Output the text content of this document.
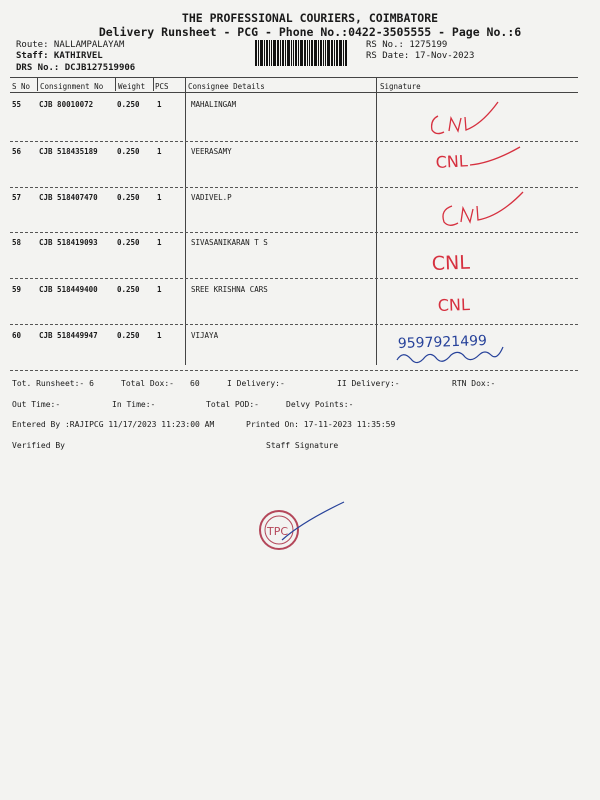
THE PROFESSIONAL COURIERS, COIMBATORE
Delivery Runsheet - PCG - Phone No.:0422-3505555 - Page No.:6
Route: NALLAMPALAYAM
Staff: KATHIRVEL
DRS No.: DCJB127519906
RS No.: 1275199
RS Date: 17-Nov-2023
S No Consignment No Weight PCS	Consignee Details	Signature
55 CJB 80010072	0.250 1	MAHALINGAM
56 CJB 518435189	0.250 1	VEERASAMY
57 CJB 518407470	0.250 1	VADIVEL.P
58 CJB 518419093	0.250 1	SIVASANIKARAN T S
59 CJB 518449400	0.250 1	SREE KRISHNA CARS
60 CJB 518449947	0.250 1	VIJAYA
Tot. Runsheet:- 6	Total Dox:- 60	I Delivery:-	II Delivery:-	RTN Dox:-
Out Time:-	In Time:-	Total POD:-	Delvy Points:-
Entered By :RAJIPCG 11/17/2023 11:23:00 AM	Printed On: 17-11-2023 11:35:59
Verified By	Staff Signature
CNL
CNL
CNL
9597921499
TPC
